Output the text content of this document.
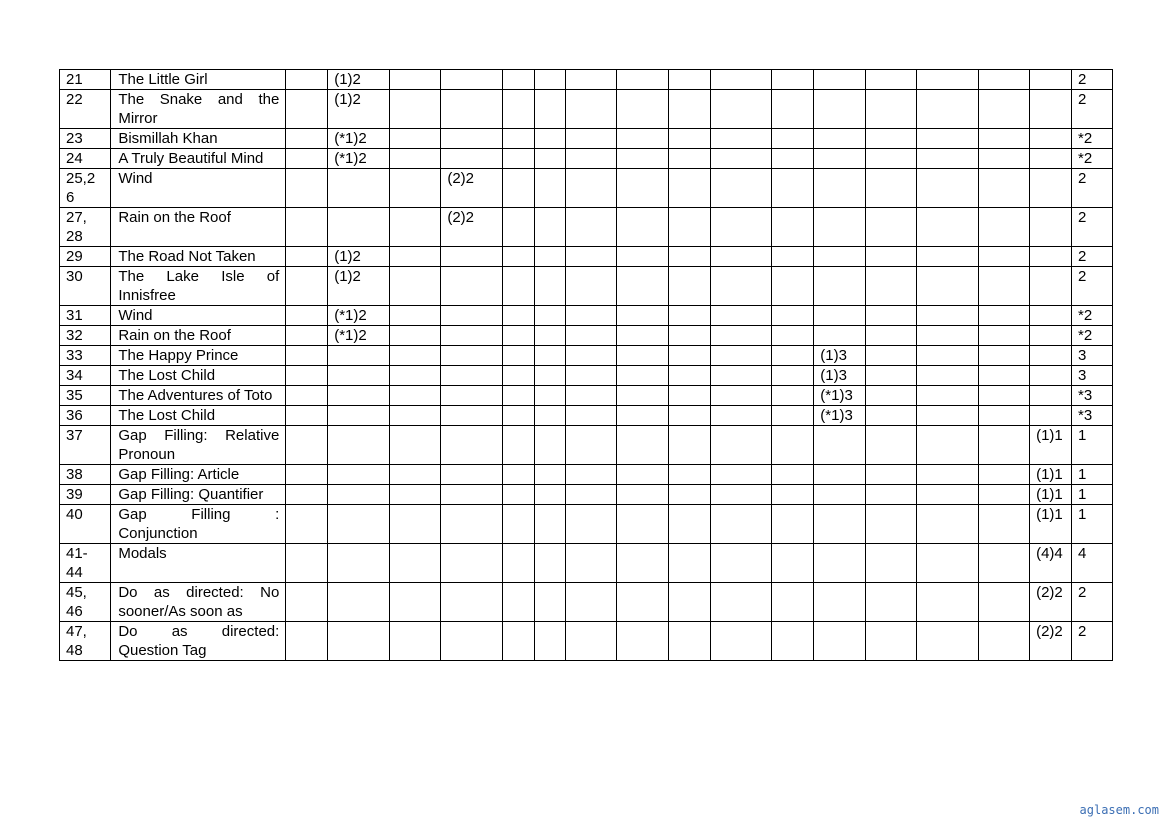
21	The Little Girl		(1)2															2
22	The Snake and the Mirror		(1)2															2
23	Bismillah Khan		(*1)2															*2
24	A Truly Beautiful Mind		(*1)2															*2
25,2 6	Wind				(2)2													2
27, 28	Rain on the Roof				(2)2													2
29	The Road Not Taken		(1)2															2
30	The Lake Isle of Innisfree		(1)2															2
31	Wind		(*1)2															*2
32	Rain on the Roof		(*1)2															*2
33	The Happy Prince												(1)3					3
34	The Lost Child												(1)3					3
35	The Adventures of Toto												(*1)3					*3
36	The Lost Child												(*1)3					*3
37	Gap Filling: Relative Pronoun																(1)1	1
38	Gap Filling: Article																(1)1	1
39	Gap Filling: Quantifier																(1)1	1
40	Gap Filling : Conjunction																(1)1	1
41- 44	Modals																(4)4	4
45, 46	Do as directed: No sooner/As soon as																(2)2	2
47, 48	Do as directed: Question Tag																(2)2	2
aglasem.com
